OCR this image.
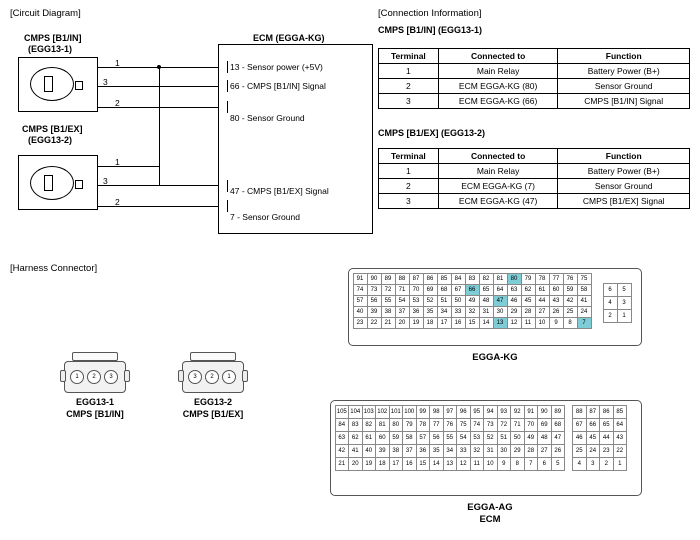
[Circuit Diagram]	[Connection Information]
[Harness Connector]
ECM (EGGA-KG)
CMPS [B1/IN]
(EGG13-1)
1
3
2
CMPS [B1/EX]
(EGG13-2)
1
3
2
13 - Sensor power (+5V)
66 - CMPS [B1/IN] Signal
80 - Sensor Ground
47 - CMPS [B1/EX] Signal
7 - Sensor Ground
CMPS [B1/IN] (EGG13-1)
Terminal	Connected to	Function
1	Main Relay	Battery Power (B+)
2	ECM EGGA-KG (80)	Sensor Ground
3	ECM EGGA-KG (66)	CMPS [B1/IN] Signal
CMPS [B1/EX] (EGG13-2)
Terminal	Connected to	Function
1	Main Relay	Battery Power (B+)
2	ECM EGGA-KG (7)	Sensor Ground
3	ECM EGGA-KG (47)	CMPS [B1/EX] Signal
1	2	3
EGG13-1
CMPS [B1/IN]
3	2	1
EGG13-2
CMPS [B1/EX]
91	90	89	88	87	86	85	84	83	82	81	80	79	78	77	76	75
74	73	72	71	70	69	68	67	66	65	64	63	62	61	60	59	58
57	56	55	54	53	52	51	50	49	48	47	46	45	44	43	42	41
40	39	38	37	36	35	34	33	32	31	30	29	28	27	26	25	24
23	22	21	20	19	18	17	16	15	14	13	12	11	10	9	8	7
6	5
4	3
2	1
EGGA-KG
105 104 103 102 101 100 99	98	97	96	95	94	93	92	91	90	89
84	83	82	81	80	79	78	77	76	75	74	73	72	71	70	69	68
63	62	61	60	59	58	57	56	55	54	53	52	51	50	49	48	47
42	41	40	39	38	37	36	35	34	33	32	31	30	29	28	27	26
21	20	19	18	17	16	15	14	13	12	11	10	9	8	7	6	5
88	87	86	85
67	66	65	64
46	45	44	43
25	24	23	22
4	3	2	1
EGGA-AG
ECM
